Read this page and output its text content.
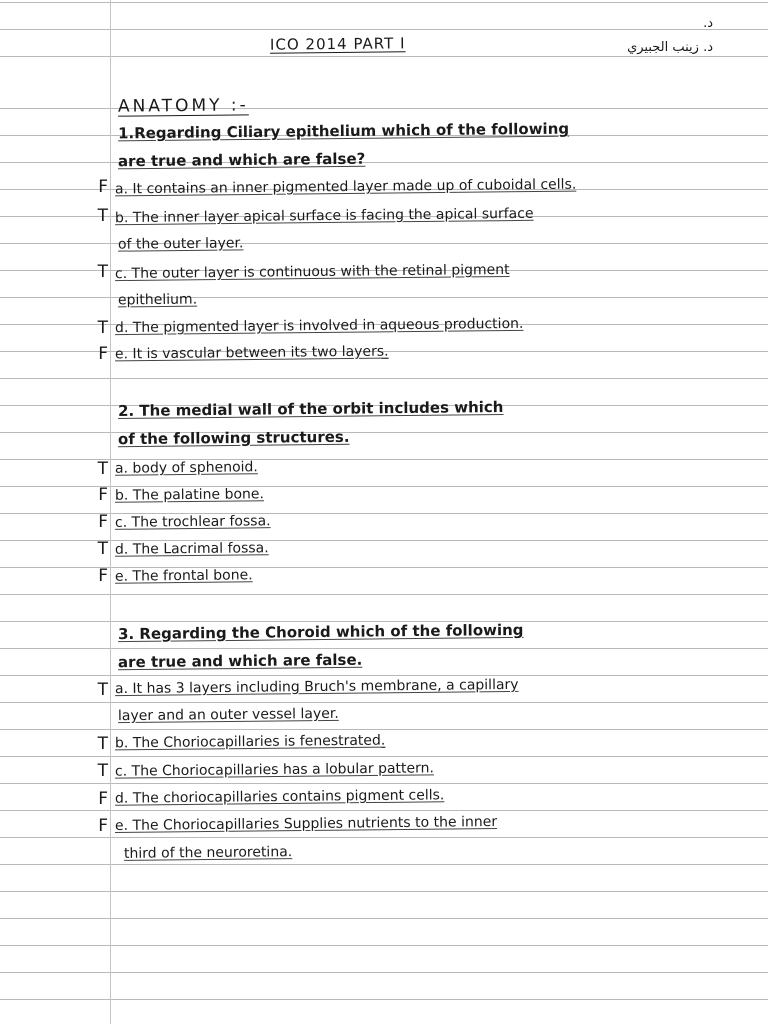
ICO 2014 PART I
د.
د. زينب الجبيري
ANATOMY :-
1.Regarding Ciliary epithelium which of the following
are true and which are false?
F a. It contains an inner pigmented layer made up of cuboidal cells.
T b. The inner layer apical surface is facing the apical surface
of the outer layer.
T c. The outer layer is continuous with the retinal pigment
epithelium.
T d. The pigmented layer is involved in aqueous production.
F e. It is vascular between its two layers.
2. The medial wall of the orbit includes which
of the following structures.
T a. body of sphenoid.
F b. The palatine bone.
F c. The trochlear fossa.
T d. The Lacrimal fossa.
F e. The frontal bone.
3. Regarding the Choroid which of the following
are true and which are false.
T a. It has 3 layers including Bruch's membrane, a capillary
layer and an outer vessel layer.
T b. The Choriocapillaries is fenestrated.
T c. The Choriocapillaries has a lobular pattern.
F d. The choriocapillaries contains pigment cells.
F e. The Choriocapillaries Supplies nutrients to the inner
third of the neuroretina.
